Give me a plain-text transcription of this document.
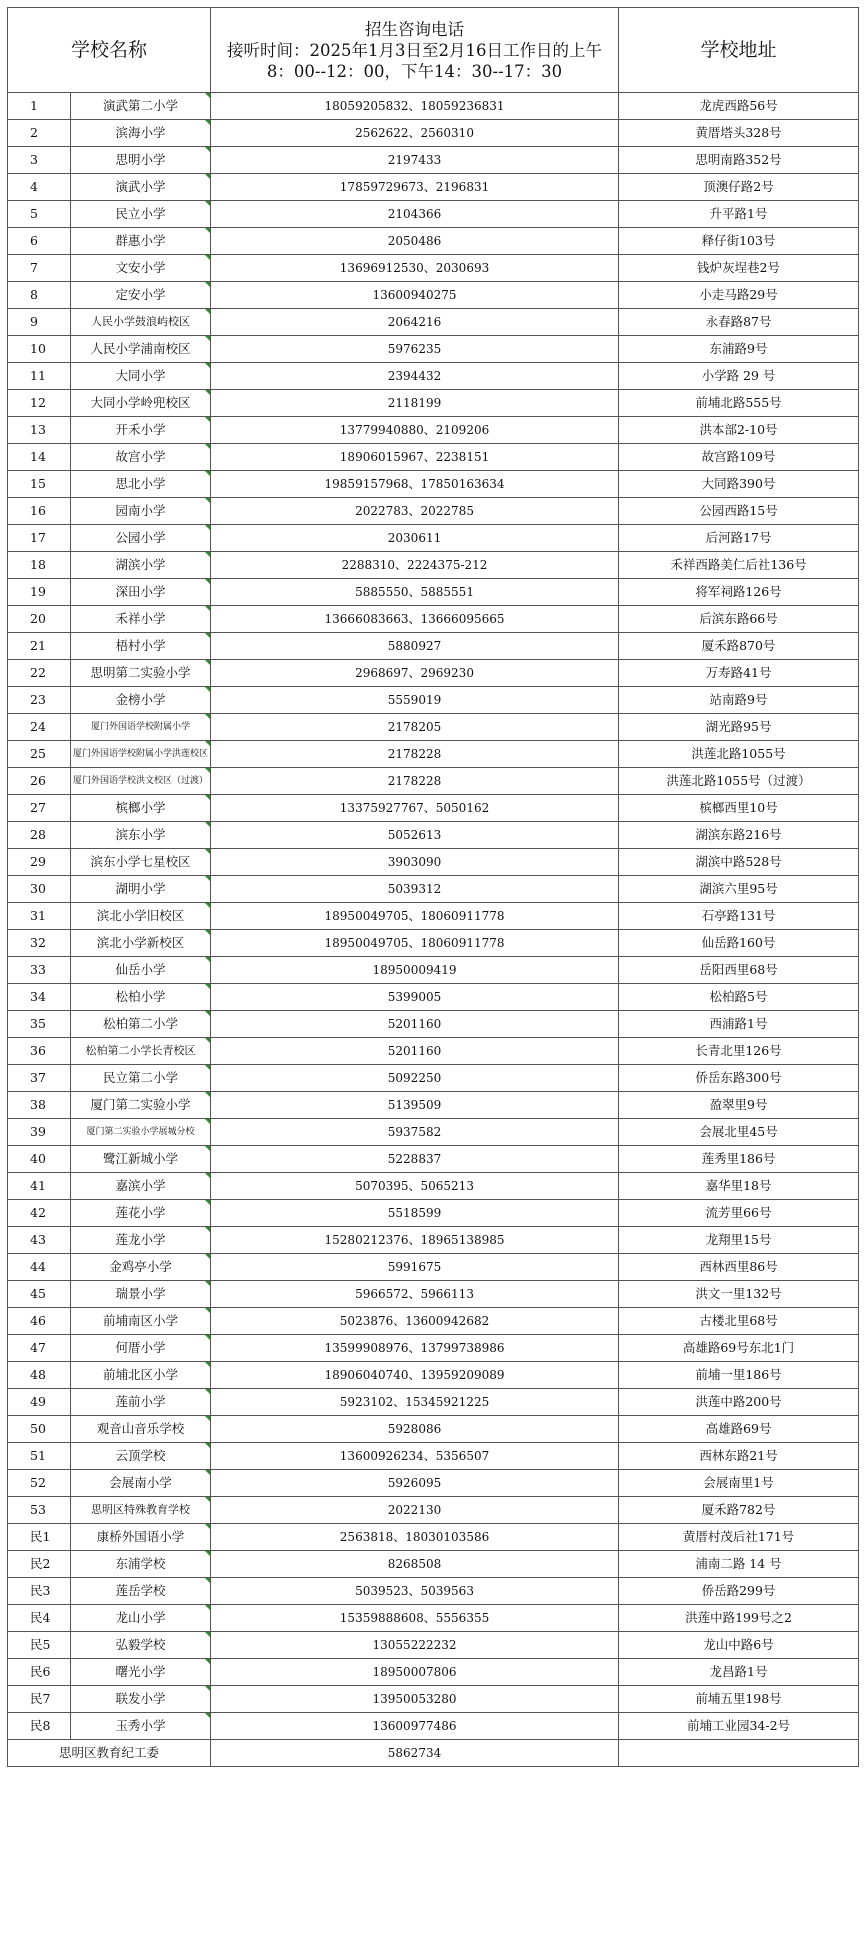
学校名称		招生咨询电话
接听时间：2025年1月3日至2月16日工作日的上午
8：00--12：00，下午14：30--17：30	学校地址
1	演武第二小学	18059205832、18059236831	龙虎西路56号
2	滨海小学	2562622、2560310	黄厝塔头328号
3	思明小学	2197433	思明南路352号
4	演武小学	17859729673、2196831	顶澳仔路2号
5	民立小学	2104366	升平路1号
6	群惠小学	2050486	释仔街103号
7	文安小学	13696912530、2030693	钱炉灰埕巷2号
8	定安小学	13600940275	小走马路29号
9	人民小学鼓浪屿校区	2064216	永春路87号
10	人民小学浦南校区	5976235	东浦路9号
11	大同小学	2394432	小学路 29 号
12	大同小学岭兜校区	2118199	前埔北路555号
13	开禾小学	13779940880、2109206	洪本部2-10号
14	故宫小学	18906015967、2238151	故宫路109号
15	思北小学	19859157968、17850163634	大同路390号
16	园南小学	2022783、2022785	公园西路15号
17	公园小学	2030611	后河路17号
18	湖滨小学	2288310、2224375-212	禾祥西路美仁后社136号
19	深田小学	5885550、5885551	将军祠路126号
20	禾祥小学	13666083663、13666095665	后滨东路66号
21	梧村小学	5880927	厦禾路870号
22	思明第二实验小学	2968697、2969230	万寿路41号
23	金榜小学	5559019	站南路9号
24	厦门外国语学校附属小学	2178205	湖光路95号
25	厦门外国语学校附属小学洪莲校区	2178228	洪莲北路1055号
26	厦门外国语学校洪文校区（过渡）	2178228	洪莲北路1055号（过渡）
27	槟榔小学	13375927767、5050162	槟榔西里10号
28	滨东小学	5052613	湖滨东路216号
29	滨东小学七星校区	3903090	湖滨中路528号
30	湖明小学	5039312	湖滨六里95号
31	滨北小学旧校区	18950049705、18060911778	石亭路131号
32	滨北小学新校区	18950049705、18060911778	仙岳路160号
33	仙岳小学	18950009419	岳阳西里68号
34	松柏小学	5399005	松柏路5号
35	松柏第二小学	5201160	西浦路1号
36	松柏第二小学长青校区	5201160	长青北里126号
37	民立第二小学	5092250	侨岳东路300号
38	厦门第二实验小学	5139509	盈翠里9号
39	厦门第二实验小学展城分校	5937582	会展北里45号
40	鹭江新城小学	5228837	莲秀里186号
41	嘉滨小学	5070395、5065213	嘉华里18号
42	莲花小学	5518599	流芳里66号
43	莲龙小学	15280212376、18965138985	龙翔里15号
44	金鸡亭小学	5991675	西林西里86号
45	瑞景小学	5966572、5966113	洪文一里132号
46	前埔南区小学	5023876、13600942682	古楼北里68号
47	何厝小学	13599908976、13799738986	高雄路69号东北1门
48	前埔北区小学	18906040740、13959209089	前埔一里186号
49	莲前小学	5923102、15345921225	洪莲中路200号
50	观音山音乐学校	5928086	高雄路69号
51	云顶学校	13600926234、5356507	西林东路21号
52	会展南小学	5926095	会展南里1号
53	思明区特殊教育学校	2022130	厦禾路782号
民1	康桥外国语小学	2563818、18030103586	黄厝村茂后社171号
民2	东浦学校	8268508	浦南二路 14 号
民3	莲岳学校	5039523、5039563	侨岳路299号
民4	龙山小学	15359888608、5556355	洪莲中路199号之2
民5	弘毅学校	13055222232	龙山中路6号
民6	曙光小学	18950007806	龙昌路1号
民7	联发小学	13950053280	前埔五里198号
民8	玉秀小学	13600977486	前埔工业园34-2号
思明区教育纪工委		5862734	
